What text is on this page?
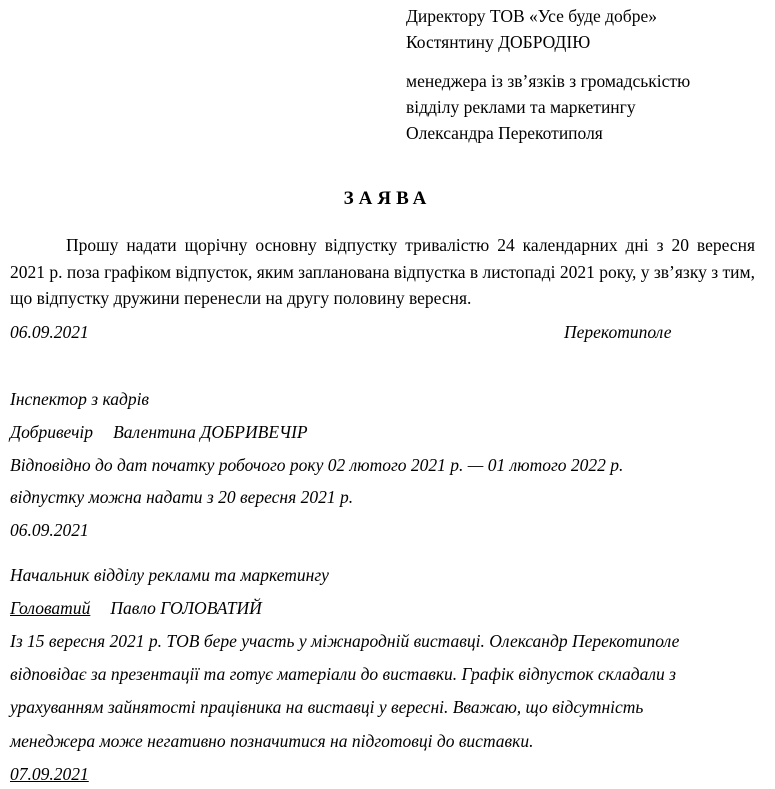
Директору ТОВ «Усе буде добре»
Костянтину ДОБРОДІЮ
менеджера із зв’язків з громадськістю
відділу реклами та маркетингу
Олександра Перекотиполя
ЗАЯВА
Прошу надати щорічну основну відпустку тривалістю 24 календарних дні з 20 вересня 2021 р. поза графіком відпусток, яким запланована відпустка в листопаді 2021 року, у зв’язку з тим, що відпустку дружини перенесли на другу половину вересня.
06.09.2021	Перекотиполе
Інспектор з кадрів
Добривечір Валентина ДОБРИВЕЧІР
Відповідно до дат початку робочого року 02 лютого 2021 р. — 01 лютого 2022 р.
відпустку можна надати з 20 вересня 2021 р.
06.09.2021
Начальник відділу реклами та маркетингу
Головатий Павло ГОЛОВАТИЙ
Із 15 вересня 2021 р. ТОВ бере участь у міжнародній виставці. Олександр Перекотиполе
відповідає за презентації та готує матеріали до виставки. Графік відпусток складали з
урахуванням зайнятості працівника на виставці у вересні. Вважаю, що відсутність
менеджера може негативно позначитися на підготовці до виставки.
07.09.2021
